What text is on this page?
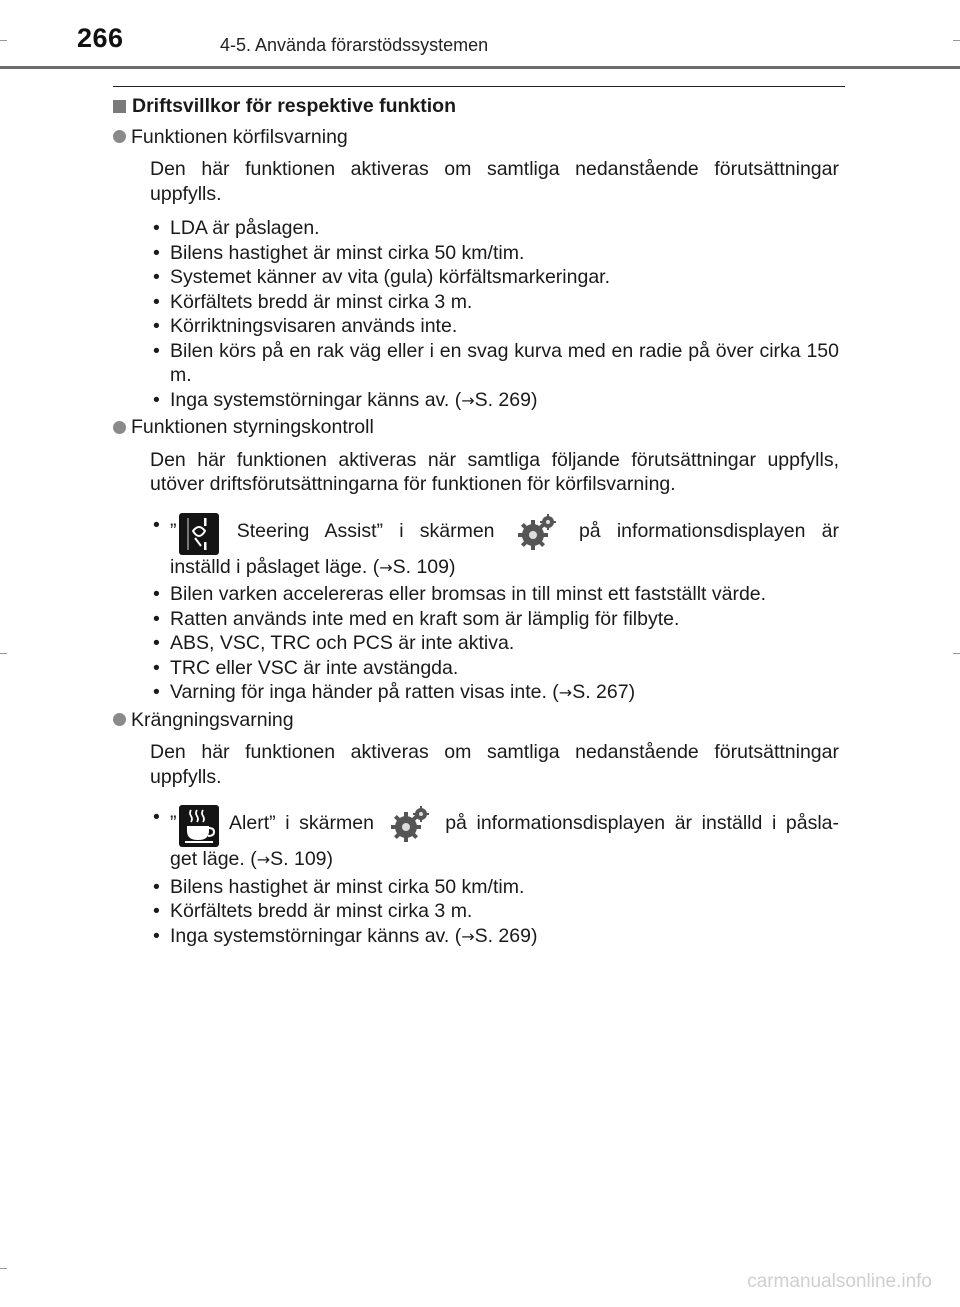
266	4-5. Använda förarstödssystemen
Driftsvillkor för respektive funktion
Funktionen körfilsvarning

Den här funktionen aktiveras om samtliga nedanstående förutsättningar uppfylls.

• LDA är påslagen.
• Bilens hastighet är minst cirka 50 km/tim.
• Systemet känner av vita (gula) körfältsmarkeringar.
• Körfältets bredd är minst cirka 3 m.
• Körriktningsvisaren används inte.
• Bilen körs på en rak väg eller i en svag kurva med en radie på över cirka 150 m.
• Inga systemstörningar känns av. (→S. 269)
Funktionen styrningskontroll

Den här funktionen aktiveras när samtliga följande förutsättningar uppfylls, utöver driftsförutsättningarna för funktionen för körfilsvarning.

• ”	Steering Assist” i skärmen	på informationsdisplayen är
inställd i påslaget läge. (→S. 109)
• Bilen varken accelereras eller bromsas in till minst ett fastställt värde.
• Ratten används inte med en kraft som är lämplig för filbyte.
• ABS, VSC, TRC och PCS är inte aktiva.
• TRC eller VSC är inte avstängda.
• Varning för inga händer på ratten visas inte. (→S. 267)
Krängningsvarning

Den här funktionen aktiveras om samtliga nedanstående förutsättningar uppfylls.

• ”	Alert” i skärmen	på informationsdisplayen är inställd i påsla-
get läge. (→S. 109)
• Bilens hastighet är minst cirka 50 km/tim.
• Körfältets bredd är minst cirka 3 m.
• Inga systemstörningar känns av. (→S. 269)
carmanualsonline.info
